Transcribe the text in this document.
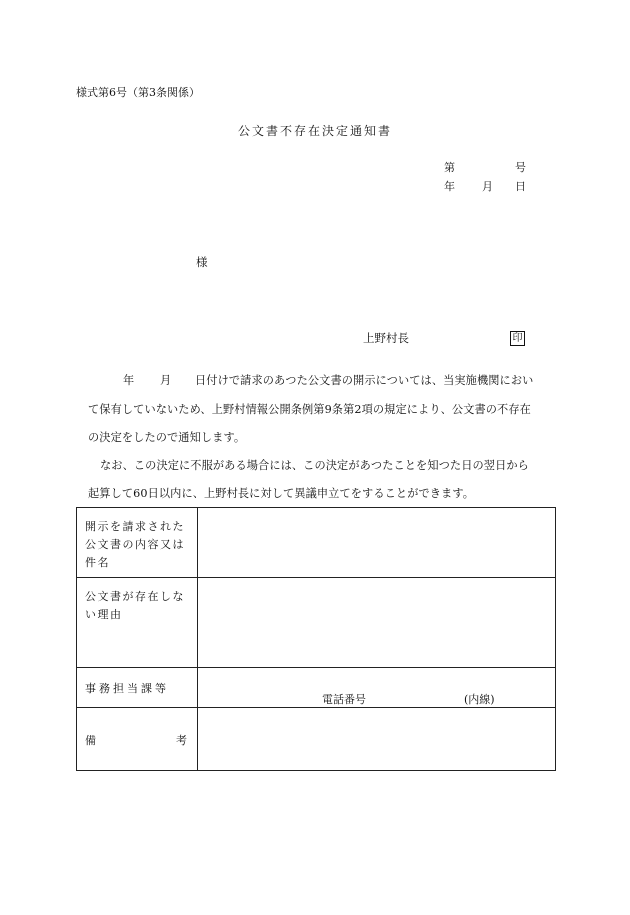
様式第6号（第3条関係）
公文書不存在決定通知書
第	号
年 月 日
様
上野村長	印
年 月 日付けで請求のあつた公文書の開示については、当実施機関におい
て保有していないため、上野村情報公開条例第9条第2項の規定により、公文書の不存在
の決定をしたので通知します。
なお、この決定に不服がある場合には、この決定があつたことを知つた日の翌日から
起算して60日以内に、上野村長に対して異議申立てをすることができます。
開示を請求された公文書の内容又は件名	
公文書が存在しない理由	
事務担当課等	電話番号 (内線)

備 考	
